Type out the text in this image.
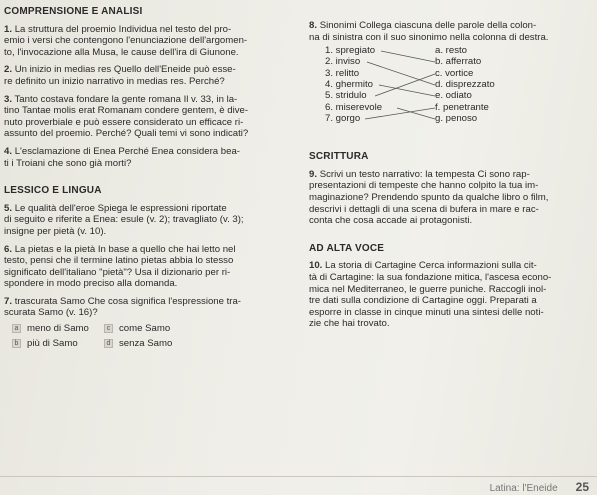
COMPRENSIONE E ANALISI

1. La struttura del proemio Individua nel testo del pro-
emio i versi che contengono l'enunciazione dell'argomen-
to, l'invocazione alla Musa, le cause dell'ira di Giunone.

2. Un inizio in medias res Quello dell'Eneide può esse-
re definito un inizio narrativo in medias res. Perché?

3. Tanto costava fondare la gente romana Il v. 33, in la-
tino Tantae molis erat Romanam condere gentem, è dive-
nuto proverbiale e può essere considerato un efficace ri-
assunto del proemio. Perché? Quali temi vi sono indicati?

4. L'esclamazione di Enea Perché Enea considera bea-
ti i Troiani che sono già morti?

LESSICO E LINGUA

5. Le qualità dell'eroe Spiega le espressioni riportate
di seguito e riferite a Enea: esule (v. 2); travagliato (v. 3);
insigne per pietà (v. 10).

6. La pietas e la pietà In base a quello che hai letto nel
testo, pensi che il termine latino pietas abbia lo stesso
significato dell'italiano "pietà"? Usa il dizionario per ri-
spondere in modo preciso alla domanda.

7. trascurata Samo Che cosa significa l'espressione tra-
scurata Samo (v. 16)?

a meno di Samo	c come Samo
b più di Samo	d senza Samo

8. Sinonimi Collega ciascuna delle parole della colon-
na di sinistra con il suo sinonimo nella colonna di destra.

1. spregiato
2. inviso
3. relitto
4. ghermito
5. stridulo
6. miserevole
7. gorgo
a. resto
b. afferrato
c. vortice
d. disprezzato
e. odiato
f. penetrante
g. penoso
SCRITTURA

9. Scrivi un testo narrativo: la tempesta Ci sono rap-
presentazioni di tempeste che hanno colpito la tua im-
maginazione? Prendendo spunto da qualche libro o film,
descrivi i dettagli di una scena di bufera in mare e rac-
conta che cosa accade ai protagonisti.

AD ALTA VOCE

10. La storia di Cartagine Cerca informazioni sulla cit-
tà di Cartagine: la sua fondazione mitica, l'ascesa econo-
mica nel Mediterraneo, le guerre puniche. Raccogli inol-
tre dati sulla condizione di Cartagine oggi. Preparati a
esporre in classe in cinque minuti una sintesi delle noti-
zie che hai trovato.

Latina: l'Eneide 25
